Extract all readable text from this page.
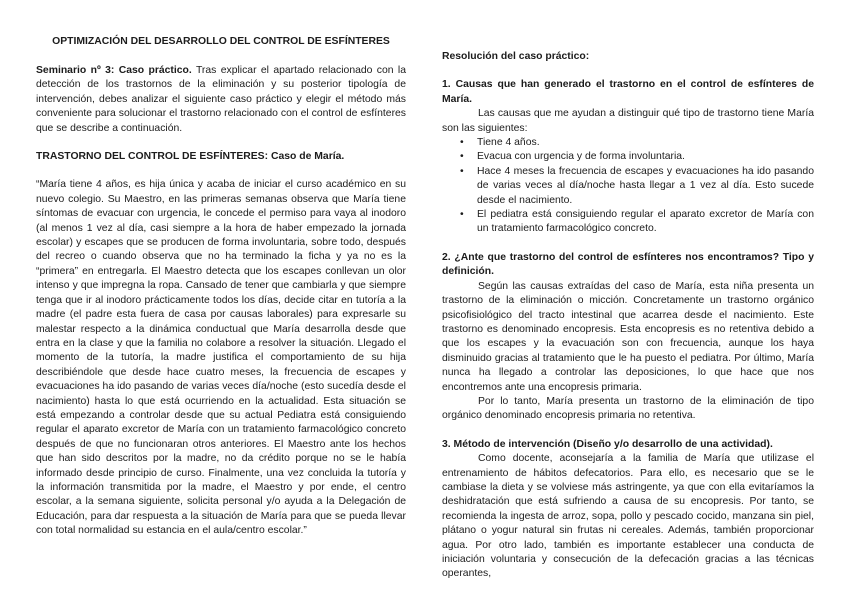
OPTIMIZACIÓN DEL DESARROLLO DEL CONTROL DE ESFÍNTERES

Seminario nº 3: Caso práctico. Tras explicar el apartado relacionado con la detección de los trastornos de la eliminación y su posterior tipología de intervención, debes analizar el siguiente caso práctico y elegir el método más conveniente para solucionar el trastorno relacionado con el control de esfínteres que se describe a continuación.

TRASTORNO DEL CONTROL DE ESFÍNTERES: Caso de María.

“María tiene 4 años, es hija única y acaba de iniciar el curso académico en su nuevo colegio. Su Maestro, en las primeras semanas observa que María tiene síntomas de evacuar con urgencia, le concede el permiso para vaya al inodoro (al menos 1 vez al día, casi siempre a la hora de haber empezado la jornada escolar) y escapes que se producen de forma involuntaria, sobre todo, después del recreo o cuando observa que no ha terminado la ficha y ya no es la “primera” en entregarla. El Maestro detecta que los escapes conllevan un olor intenso y que impregna la ropa. Cansado de tener que cambiarla y que siempre tenga que ir al inodoro prácticamente todos los días, decide citar en tutoría a la madre (el padre esta fuera de casa por causas laborales) para expresarle su malestar respecto a la dinámica conductual que María desarrolla desde que entra en la clase y que la familia no colabore a resolver la situación. Llegado el momento de la tutoría, la madre justifica el comportamiento de su hija describiéndole que desde hace cuatro meses, la frecuencia de escapes y evacuaciones ha ido pasando de varias veces día/noche (esto sucedía desde el nacimiento) hasta lo que está ocurriendo en la actualidad. Esta situación se está empezando a controlar desde que su actual Pediatra está consiguiendo regular el aparato excretor de María con un tratamiento farmacológico concreto después de que no funcionaran otros anteriores. El Maestro ante los hechos que han sido descritos por la madre, no da crédito porque no se le había informado desde principio de curso. Finalmente, una vez concluida la tutoría y la información transmitida por la madre, el Maestro y por ende, el centro escolar, a la semana siguiente, solicita personal y/o ayuda a la Delegación de Educación, para dar respuesta a la situación de María para que se pueda llevar con total normalidad su estancia en el aula/centro escolar.”

Resolución del caso práctico:

1. Causas que han generado el trastorno en el control de esfínteres de María.

Las causas que me ayudan a distinguir qué tipo de trastorno tiene María son las siguientes:

• Tiene 4 años.
• Evacua con urgencia y de forma involuntaria.
• Hace 4 meses la frecuencia de escapes y evacuaciones ha ido pasando de varias veces al día/noche hasta llegar a 1 vez al día. Esto sucede desde el nacimiento.
• El pediatra está consiguiendo regular el aparato excretor de María con un tratamiento farmacológico concreto.

2. ¿Ante que trastorno del control de esfínteres nos encontramos? Tipo y definición.

Según las causas extraídas del caso de María, esta niña presenta un trastorno de la eliminación o micción. Concretamente un trastorno orgánico psicofisiológico del tracto intestinal que acarrea desde el nacimiento. Este trastorno es denominado encopresis. Esta encopresis es no retentiva debido a que los escapes y la evacuación son con frecuencia, aunque los haya disminuido gracias al tratamiento que le ha puesto el pediatra. Por último, María nunca ha llegado a controlar las deposiciones, lo que hace que nos encontremos ante una encopresis primaria.

Por lo tanto, María presenta un trastorno de la eliminación de tipo orgánico denominado encopresis primaria no retentiva.

3. Método de intervención (Diseño y/o desarrollo de una actividad).

Como docente, aconsejaría a la familia de María que utilizase el entrenamiento de hábitos defecatorios. Para ello, es necesario que se le cambiase la dieta y se volviese más astringente, ya que con ella evitaríamos la deshidratación que está sufriendo a causa de su encopresis. Por tanto, se recomienda la ingesta de arroz, sopa, pollo y pescado cocido, manzana sin piel, plátano o yogur natural sin frutas ni cereales. Además, también proporcionar agua. Por otro lado, también es importante establecer una conducta de iniciación voluntaria y consecución de la defecación gracias a las técnicas operantes,
